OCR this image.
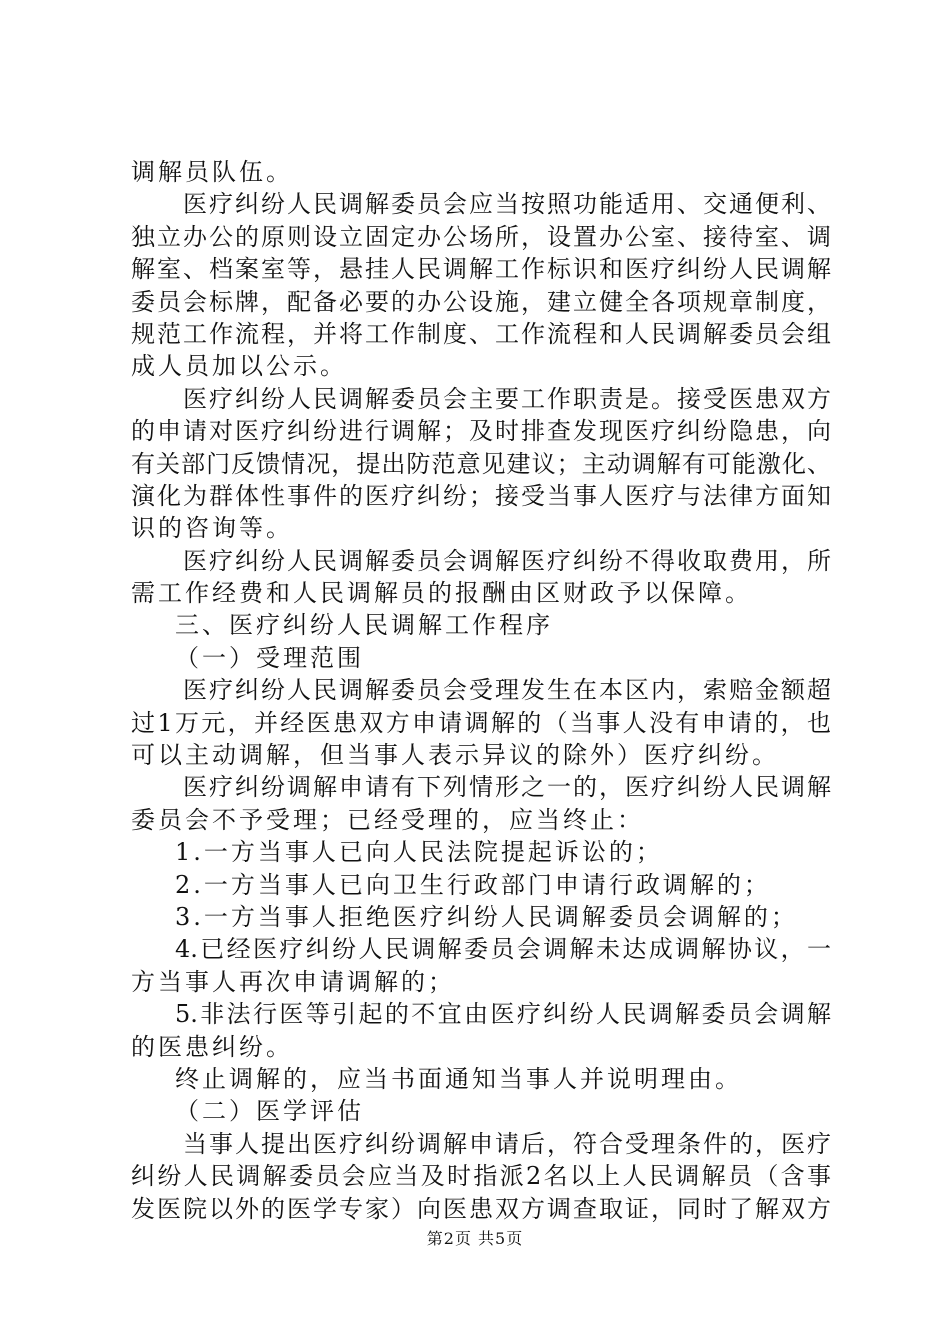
调解员队伍。
医疗纠纷人民调解委员会应当按照功能适用、交通便利、
独立办公的原则设立固定办公场所，设置办公室、接待室、调
解室、档案室等，悬挂人民调解工作标识和医疗纠纷人民调解
委员会标牌，配备必要的办公设施，建立健全各项规章制度，
规范工作流程，并将工作制度、工作流程和人民调解委员会组
成人员加以公示。
医疗纠纷人民调解委员会主要工作职责是。接受医患双方
的申请对医疗纠纷进行调解；及时排查发现医疗纠纷隐患，向
有关部门反馈情况，提出防范意见建议；主动调解有可能激化、
演化为群体性事件的医疗纠纷；接受当事人医疗与法律方面知
识的咨询等。
医疗纠纷人民调解委员会调解医疗纠纷不得收取费用，所
需工作经费和人民调解员的报酬由区财政予以保障。
三、医疗纠纷人民调解工作程序
（一）受理范围
医疗纠纷人民调解委员会受理发生在本区内，索赔金额超
过1万元，并经医患双方申请调解的（当事人没有申请的，也
可以主动调解，但当事人表示异议的除外）医疗纠纷。
医疗纠纷调解申请有下列情形之一的，医疗纠纷人民调解
委员会不予受理；已经受理的，应当终止：
1.一方当事人已向人民法院提起诉讼的；
2.一方当事人已向卫生行政部门申请行政调解的；
3.一方当事人拒绝医疗纠纷人民调解委员会调解的；
4.已经医疗纠纷人民调解委员会调解未达成调解协议，一
方当事人再次申请调解的；
5.非法行医等引起的不宜由医疗纠纷人民调解委员会调解
的医患纠纷。
终止调解的，应当书面通知当事人并说明理由。
（二）医学评估
当事人提出医疗纠纷调解申请后，符合受理条件的，医疗
纠纷人民调解委员会应当及时指派2名以上人民调解员（含事
发医院以外的医学专家）向医患双方调查取证，同时了解双方
第2页 共5页
